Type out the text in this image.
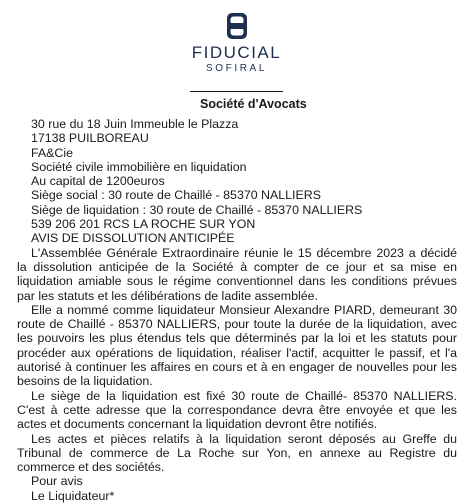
FIDUCIAL
SOFIRAL
Société d'Avocats
30 rue du 18 Juin Immeuble le Plazza
17138 PUILBOREAU
FA&Cie
Société civile immobilière en liquidation
Au capital de 1200euros
Siège social : 30 route de Chaillé - 85370 NALLIERS
Siège de liquidation : 30 route de Chaillé - 85370 NALLIERS
539 206 201 RCS LA ROCHE SUR YON
AVIS DE DISSOLUTION ANTICIPÉE
L'Assemblée Générale Extraordinaire réunie le 15 décembre 2023 a décidé la dissolution anticipée de la Société à compter de ce jour et sa mise en liquidation amiable sous le régime conventionnel dans les conditions prévues par les statuts et les délibérations de ladite assemblée.
Elle a nommé comme liquidateur Monsieur Alexandre PIARD, demeurant 30 route de Chaillé - 85370 NALLIERS, pour toute la durée de la liquidation, avec les pouvoirs les plus étendus tels que déterminés par la loi et les statuts pour procéder aux opérations de liquidation, réaliser l'actif, acquitter le passif, et l'a autorisé à continuer les affaires en cours et à en engager de nouvelles pour les besoins de la liquidation.
Le siège de la liquidation est fixé 30 route de Chaillé- 85370 NALLIERS. C'est à cette adresse que la correspondance devra être envoyée et que les actes et documents concernant la liquidation devront être notifiés.
Les actes et pièces relatifs à la liquidation seront déposés au Greffe du Tribunal de commerce de La Roche sur Yon, en annexe au Registre du commerce et des sociétés.
Pour avis
Le Liquidateur*
